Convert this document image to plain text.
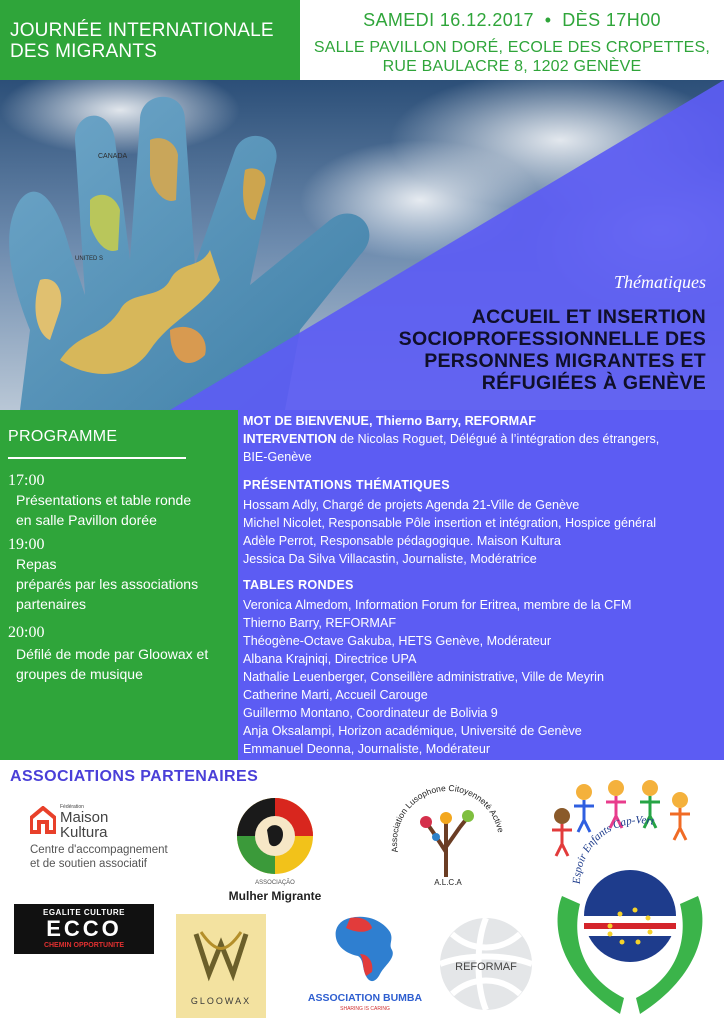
JOURNÉE INTERNATIONALE
DES MIGRANTS
SAMEDI 16.12.2017  •  DÈS 17H00
SALLE PAVILLON DORÉ, ECOLE DES CROPETTES,
RUE BAULACRE 8, 1202 GENÈVE
CANADA
UNITED S
Thématiques
ACCUEIL ET INSERTION
SOCIOPROFESSIONNELLE DES
PERSONNES MIGRANTES ET
RÉFUGIÉES À GENÈVE
PROGRAMME
17:00
Présentations et table ronde
en salle Pavillon dorée
19:00
Repas
préparés par les associations
partenaires
20:00
Défilé de mode par Gloowax et
groupes de musique
MOT DE BIENVENUE, Thierno Barry, REFORMAF
INTERVENTION de Nicolas Roguet, Délégué à l’intégration des étrangers,
BIE-Genève
PRÉSENTATIONS THÉMATIQUES
Hossam Adly, Chargé de projets Agenda 21-Ville de Genève
Michel Nicolet, Responsable Pôle insertion et intégration, Hospice général
Adèle Perrot, Responsable pédagogique. Maison Kultura
Jessica Da Silva Villacastin, Journaliste, Modératrice
TABLES RONDES
Veronica Almedom, Information Forum for Eritrea, membre de la CFM
Thierno Barry, REFORMAF
Théogène-Octave Gakuba, HETS Genève, Modérateur
Albana Krajniqi, Directrice UPA
Nathalie Leuenberger, Conseillère administrative, Ville de Meyrin
Catherine Marti, Accueil Carouge
Guillermo Montano, Coordinateur de Bolivia 9
Anja Oksalampi, Horizon académique, Université de Genève
Emmanuel Deonna, Journaliste, Modérateur
ASSOCIATIONS PARTENAIRES
Fédération
Maison
Kultura
Centre d'accompagnement
et de soutien associatif
EGALITE CULTURE
ECCO
CHEMIN OPPORTUNITE
ASSOCIAÇÃO
Mulher Migrante
Association Lusophone Citoyenneté Active
A.L.C.A	Espoir Enfants Cap-Vert
GLOOWAX	ASSOCIATION BUMBA
SHARING IS CARING
REFORMAF
